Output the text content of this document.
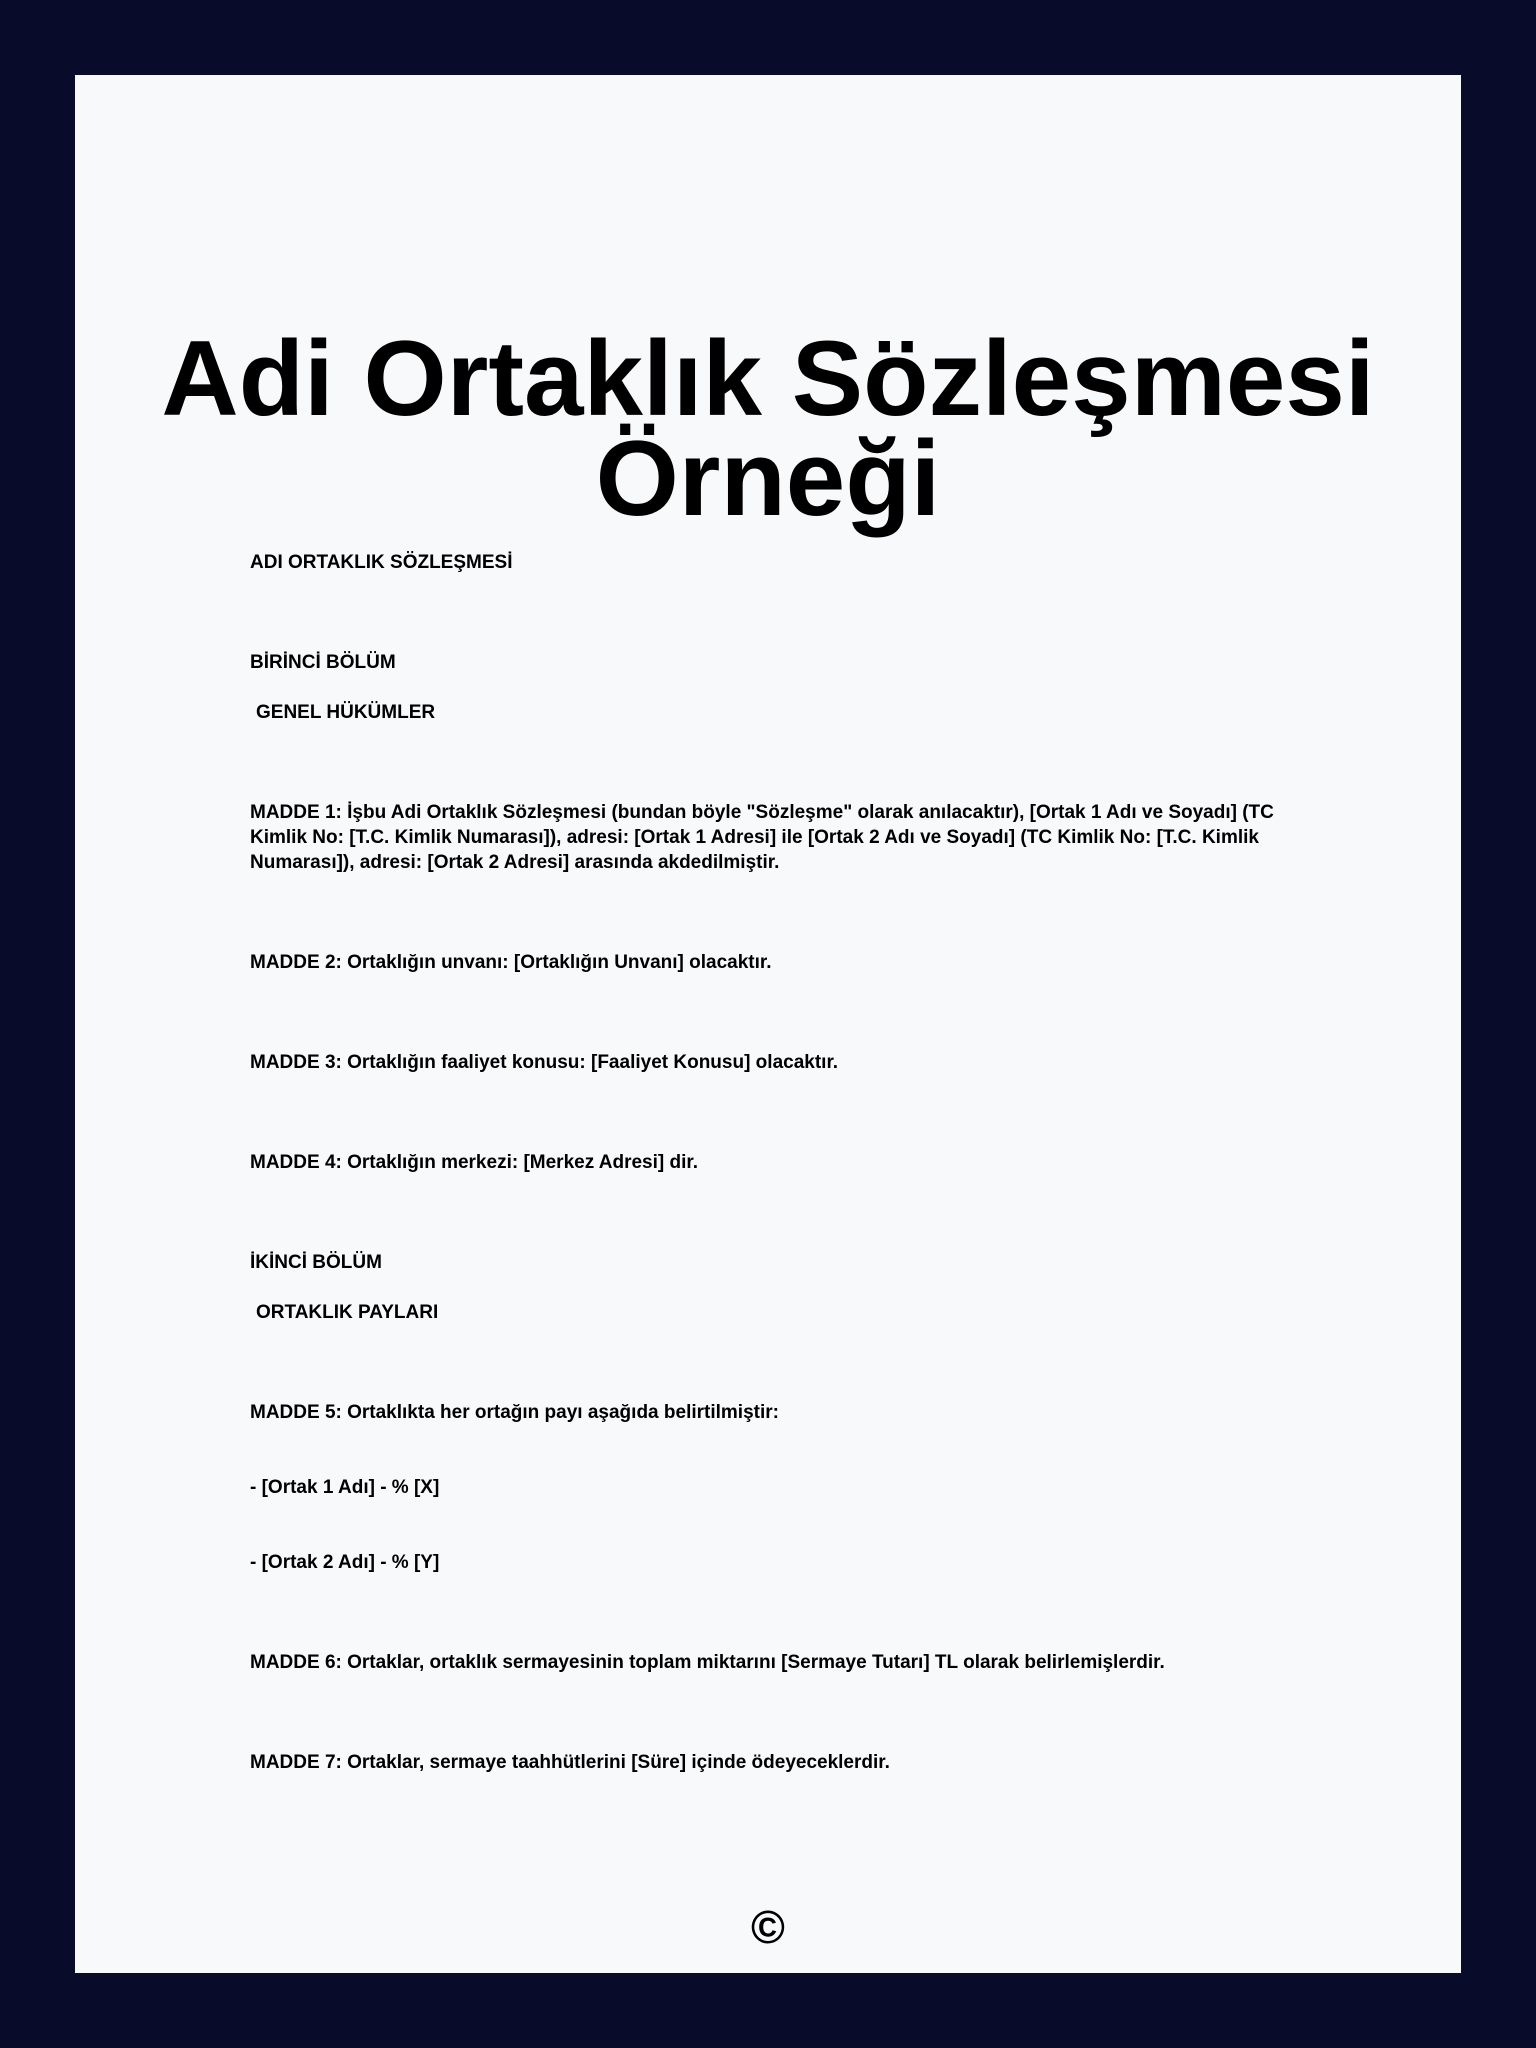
Adi Ortaklık Sözleşmesi Örneği

ADI ORTAKLIK SÖZLEŞMESİ

BİRİNCİ BÖLÜM

GENEL HÜKÜMLER

MADDE 1: İşbu Adi Ortaklık Sözleşmesi (bundan böyle "Sözleşme" olarak anılacaktır), [Ortak 1 Adı ve Soyadı] (TC Kimlik No: [T.C. Kimlik Numarası]), adresi: [Ortak 1 Adresi] ile [Ortak 2 Adı ve Soyadı] (TC Kimlik No: [T.C. Kimlik Numarası]), adresi: [Ortak 2 Adresi] arasında akdedilmiştir.

MADDE 2: Ortaklığın unvanı: [Ortaklığın Unvanı] olacaktır.

MADDE 3: Ortaklığın faaliyet konusu: [Faaliyet Konusu] olacaktır.

MADDE 4: Ortaklığın merkezi: [Merkez Adresi] dir.

İKİNCİ BÖLÜM

ORTAKLIK PAYLARI

MADDE 5: Ortaklıkta her ortağın payı aşağıda belirtilmiştir:

- [Ortak 1 Adı] - % [X]

- [Ortak 2 Adı] - % [Y]

MADDE 6: Ortaklar, ortaklık sermayesinin toplam miktarını [Sermaye Tutarı] TL olarak belirlemişlerdir.

MADDE 7: Ortaklar, sermaye taahhütlerini [Süre] içinde ödeyeceklerdir.

©
